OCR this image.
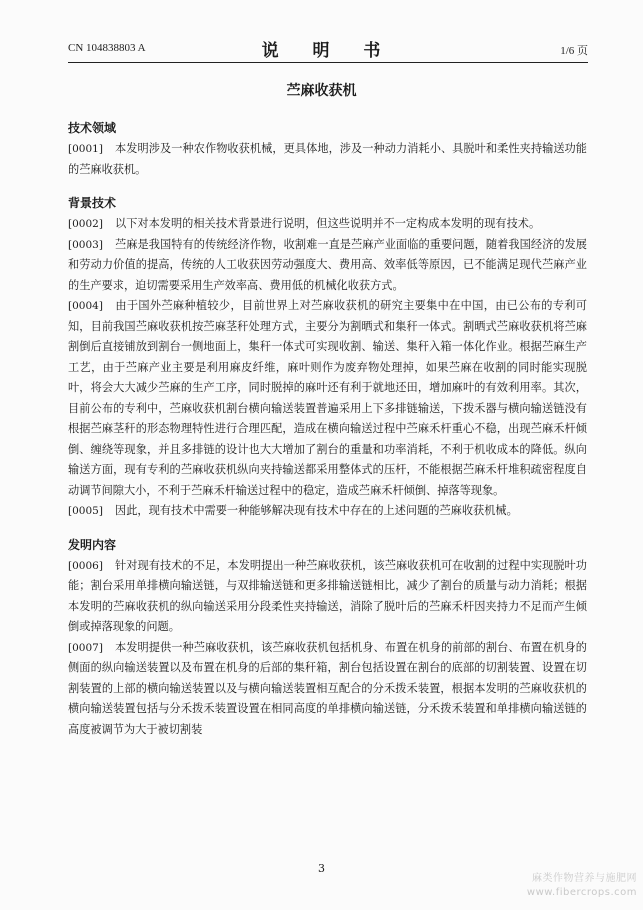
CN 104838803 A	说 明 书	1/6 页
苎麻收获机
技术领域

[0001] 本发明涉及一种农作物收获机械，更具体地，涉及一种动力消耗小、具脱叶和柔性夹持输送功能的苎麻收获机。

背景技术

[0002] 以下对本发明的相关技术背景进行说明，但这些说明并不一定构成本发明的现有技术。

[0003] 苎麻是我国特有的传统经济作物，收割难一直是苎麻产业面临的重要问题，随着我国经济的发展和劳动力价值的提高，传统的人工收获因劳动强度大、费用高、效率低等原因，已不能满足现代苎麻产业的生产要求，迫切需要采用生产效率高、费用低的机械化收获方式。

[0004] 由于国外苎麻种植较少，目前世界上对苎麻收获机的研究主要集中在中国，由已公布的专利可知，目前我国苎麻收获机按苎麻茎秆处理方式，主要分为割晒式和集秆一体式。割晒式苎麻收获机将苎麻割倒后直接铺放到割台一侧地面上，集秆一体式可实现收割、输送、集秆入箱一体化作业。根据苎麻生产工艺，由于苎麻产业主要是利用麻皮纤维，麻叶则作为废弃物处理掉，如果苎麻在收割的同时能实现脱叶，将会大大减少苎麻的生产工序，同时脱掉的麻叶还有利于就地还田，增加麻叶的有效利用率。其次，目前公布的专利中，苎麻收获机割台横向输送装置普遍采用上下多排链输送，下拨禾器与横向输送链没有根据苎麻茎秆的形态物理特性进行合理匹配，造成在横向输送过程中苎麻禾杆重心不稳，出现苎麻禾杆倾倒、缠绕等现象，并且多排链的设计也大大增加了割台的重量和功率消耗，不利于机收成本的降低。纵向输送方面，现有专利的苎麻收获机纵向夹持输送都采用整体式的压杆，不能根据苎麻禾杆堆积疏密程度自动调节间隙大小，不利于苎麻禾杆输送过程中的稳定，造成苎麻禾杆倾倒、掉落等现象。

[0005] 因此，现有技术中需要一种能够解决现有技术中存在的上述问题的苎麻收获机械。

发明内容

[0006] 针对现有技术的不足，本发明提出一种苎麻收获机，该苎麻收获机可在收割的过程中实现脱叶功能；割台采用单排横向输送链，与双排输送链和更多排输送链相比，减少了割台的质量与动力消耗；根据本发明的苎麻收获机的纵向输送采用分段柔性夹持输送，消除了脱叶后的苎麻禾杆因夹持力不足而产生倾倒或掉落现象的问题。

[0007] 本发明提供一种苎麻收获机，该苎麻收获机包括机身、布置在机身的前部的割台、布置在机身的侧面的纵向输送装置以及布置在机身的后部的集秆箱，割台包括设置在割台的底部的切割装置、设置在切割装置的上部的横向输送装置以及与横向输送装置相互配合的分禾拨禾装置，根据本发明的苎麻收获机的横向输送装置包括与分禾拨禾装置设置在相同高度的单排横向输送链，分禾拨禾装置和单排横向输送链的高度被调节为大于被切割装

3
麻类作物营养与施肥网
www.fibercrops.com
